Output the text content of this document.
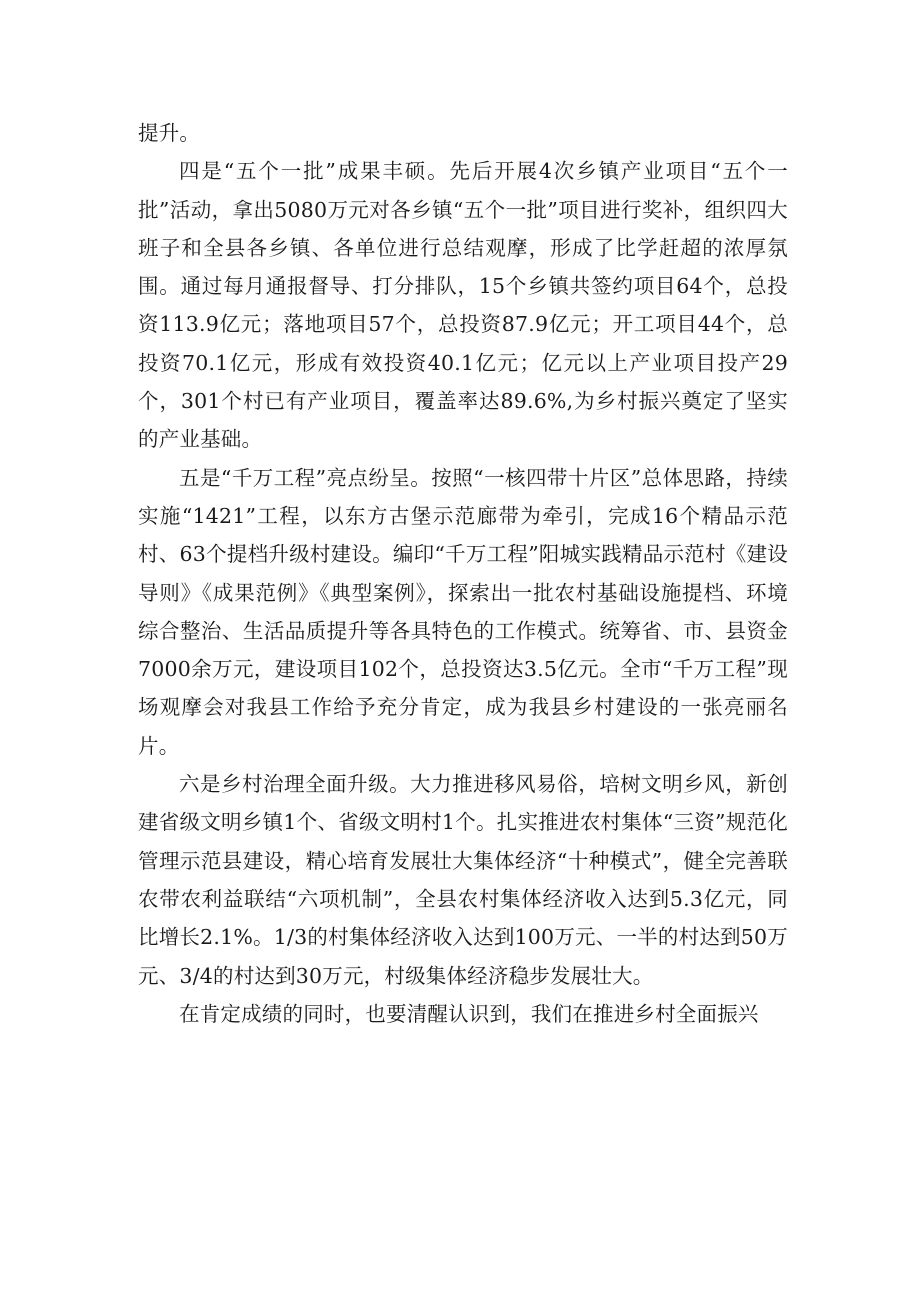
提升。

四是“五个一批”成果丰硕。先后开展4次乡镇产业项目“五个一批”活动，拿出5080万元对各乡镇“五个一批”项目进行奖补，组织四大班子和全县各乡镇、各单位进行总结观摩，形成了比学赶超的浓厚氛围。通过每月通报督导、打分排队，15个乡镇共签约项目64个，总投资113.9亿元；落地项目57个，总投资87.9亿元；开工项目44个，总投资70.1亿元，形成有效投资40.1亿元；亿元以上产业项目投产29个，301个村已有产业项目，覆盖率达89.6%,为乡村振兴奠定了坚实的产业基础。

五是“千万工程”亮点纷呈。按照“一核四带十片区”总体思路，持续实施“1421”工程，以东方古堡示范廊带为牵引，完成16个精品示范村、63个提档升级村建设。编印“千万工程”阳城实践精品示范村《建设导则》《成果范例》《典型案例》，探索出一批农村基础设施提档、环境综合整治、生活品质提升等各具特色的工作模式。统筹省、市、县资金7000余万元，建设项目102个，总投资达3.5亿元。全市“千万工程”现场观摩会对我县工作给予充分肯定，成为我县乡村建设的一张亮丽名片。

六是乡村治理全面升级。大力推进移风易俗，培树文明乡风，新创建省级文明乡镇1个、省级文明村1个。扎实推进农村集体“三资”规范化管理示范县建设，精心培育发展壮大集体经济“十种模式”，健全完善联农带农利益联结“六项机制”，全县农村集体经济收入达到5.3亿元，同比增长2.1%。1/3的村集体经济收入达到100万元、一半的村达到50万元、3/4的村达到30万元，村级集体经济稳步发展壮大。

在肯定成绩的同时，也要清醒认识到，我们在推进乡村全面振兴
